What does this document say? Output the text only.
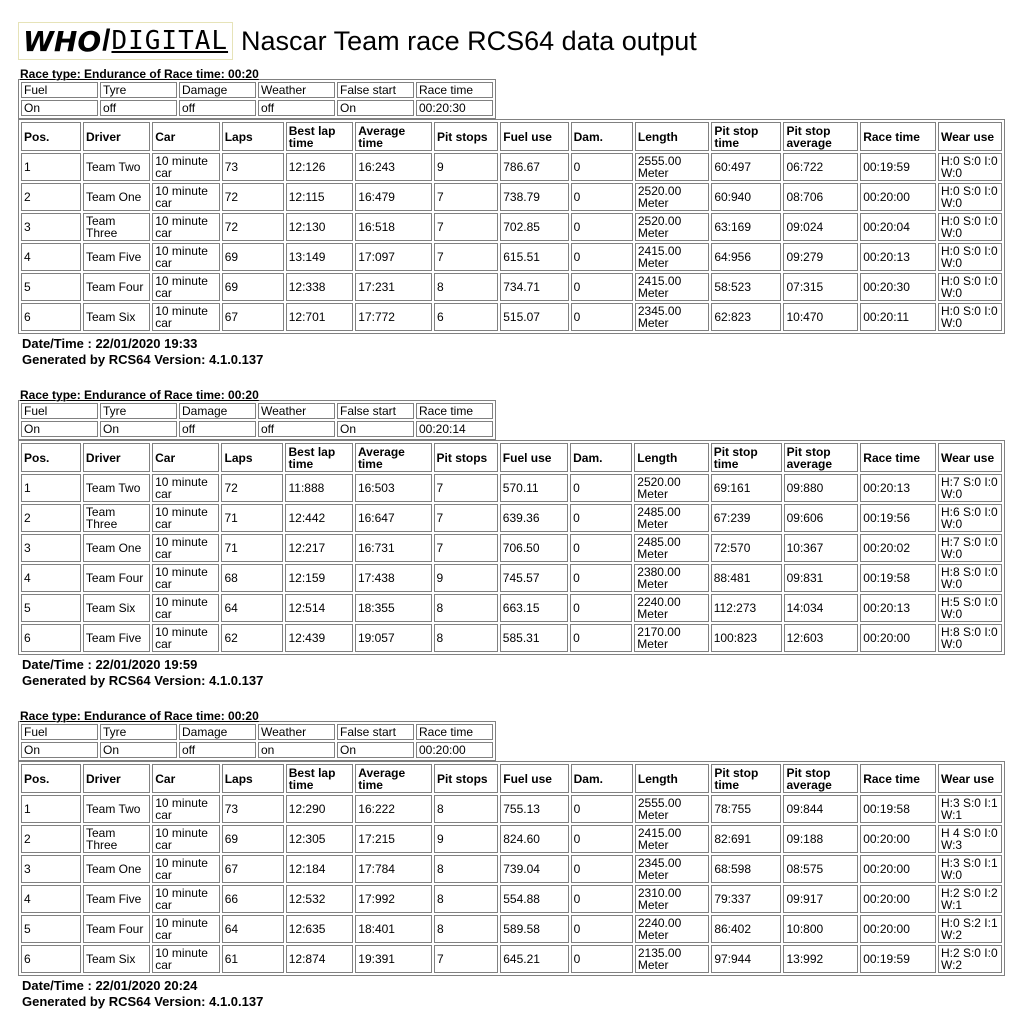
WHO / DIGITAL Nascar Team race RCS64 data output
Race type: Endurance of Race time: 00:20
Fuel	Tyre	Damage	Weather	False start	Race time
On	off	off	off	On	00:20:30
Pos.	Driver	Car	Laps	Best lap time	Average time	Pit stops	Fuel use	Dam.	Length	Pit stop time	Pit stop average	Race time	Wear use
1	Team Two	10 minute car	73	12:126	16:243	9	786.67	0	2555.00 Meter	60:497	06:722	00:19:59	H:0 S:0 I:0 W:0
2	Team One	10 minute car	72	12:115	16:479	7	738.79	0	2520.00 Meter	60:940	08:706	00:20:00	H:0 S:0 I:0 W:0
3	Team Three	10 minute car	72	12:130	16:518	7	702.85	0	2520.00 Meter	63:169	09:024	00:20:04	H:0 S:0 I:0 W:0
4	Team Five	10 minute car	69	13:149	17:097	7	615.51	0	2415.00 Meter	64:956	09:279	00:20:13	H:0 S:0 I:0 W:0
5	Team Four	10 minute car	69	12:338	17:231	8	734.71	0	2415.00 Meter	58:523	07:315	00:20:30	H:0 S:0 I:0 W:0
6	Team Six	10 minute car	67	12:701	17:772	6	515.07	0	2345.00 Meter	62:823	10:470	00:20:11	H:0 S:0 I:0 W:0
Date/Time : 22/01/2020 19:33
Generated by RCS64 Version: 4.1.0.137
Race type: Endurance of Race time: 00:20
Fuel	Tyre	Damage	Weather	False start	Race time
On	On	off	off	On	00:20:14
Pos.	Driver	Car	Laps	Best lap time	Average time	Pit stops	Fuel use	Dam.	Length	Pit stop time	Pit stop average	Race time	Wear use
1	Team Two	10 minute car	72	11:888	16:503	7	570.11	0	2520.00 Meter	69:161	09:880	00:20:13	H:7 S:0 I:0 W:0
2	Team Three	10 minute car	71	12:442	16:647	7	639.36	0	2485.00 Meter	67:239	09:606	00:19:56	H:6 S:0 I:0 W:0
3	Team One	10 minute car	71	12:217	16:731	7	706.50	0	2485.00 Meter	72:570	10:367	00:20:02	H:7 S:0 I:0 W:0
4	Team Four	10 minute car	68	12:159	17:438	9	745.57	0	2380.00 Meter	88:481	09:831	00:19:58	H:8 S:0 I:0 W:0
5	Team Six	10 minute car	64	12:514	18:355	8	663.15	0	2240.00 Meter	112:273	14:034	00:20:13	H:5 S:0 I:0 W:0
6	Team Five	10 minute car	62	12:439	19:057	8	585.31	0	2170.00 Meter	100:823	12:603	00:20:00	H:8 S:0 I:0 W:0
Date/Time : 22/01/2020 19:59
Generated by RCS64 Version: 4.1.0.137
Race type: Endurance of Race time: 00:20
Fuel	Tyre	Damage	Weather	False start	Race time
On	On	off	on	On	00:20:00
Pos.	Driver	Car	Laps	Best lap time	Average time	Pit stops	Fuel use	Dam.	Length	Pit stop time	Pit stop average	Race time	Wear use
1	Team Two	10 minute car	73	12:290	16:222	8	755.13	0	2555.00 Meter	78:755	09:844	00:19:58	H:3 S:0 I:1 W:1
2	Team Three	10 minute car	69	12:305	17:215	9	824.60	0	2415.00 Meter	82:691	09:188	00:20:00	H 4 S:0 I:0 W:3
3	Team One	10 minute car	67	12:184	17:784	8	739.04	0	2345.00 Meter	68:598	08:575	00:20:00	H:3 S:0 I:1 W:0
4	Team Five	10 minute car	66	12:532	17:992	8	554.88	0	2310.00 Meter	79:337	09:917	00:20:00	H:2 S:0 I:2 W:1
5	Team Four	10 minute car	64	12:635	18:401	8	589.58	0	2240.00 Meter	86:402	10:800	00:20:00	H:0 S:2 I:1 W:2
6	Team Six	10 minute car	61	12:874	19:391	7	645.21	0	2135.00 Meter	97:944	13:992	00:19:59	H:2 S:0 I:0 W:2
Date/Time : 22/01/2020 20:24
Generated by RCS64 Version: 4.1.0.137
